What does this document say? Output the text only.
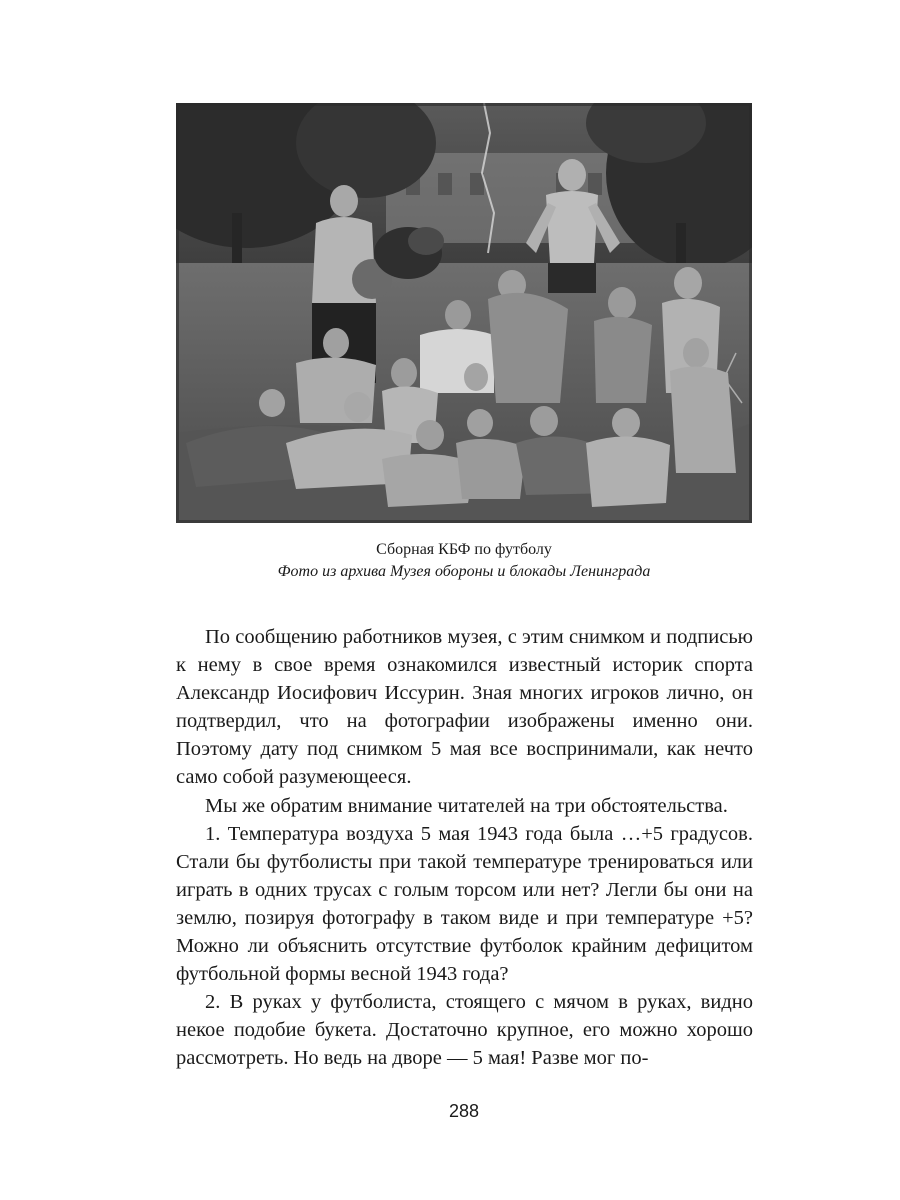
Сборная КБФ по футболу
Фото из архива Музея обороны и блокады Ленинграда

По сообщению работников музея, с этим снимком и подписью к нему в свое время ознакомился известный историк спорта Александр Иосифович Иссурин. Зная многих игроков лично, он подтвердил, что на фотографии изображены именно они. Поэтому дату под снимком 5 мая все воспринимали, как нечто само собой разумеющееся.

Мы же обратим внимание читателей на три обстоятельства.

1. Температура воздуха 5 мая 1943 года была …+5 градусов. Стали бы футболисты при такой температуре тренироваться или играть в одних трусах с голым торсом или нет? Легли бы они на землю, позируя фотографу в таком виде и при температуре +5? Можно ли объяснить отсутствие футболок крайним дефицитом футбольной формы весной 1943 года?

2. В руках у футболиста, стоящего с мячом в руках, видно некое подобие букета. Достаточно крупное, его можно хорошо рассмотреть. Но ведь на дворе — 5 мая! Разве мог по-

288
